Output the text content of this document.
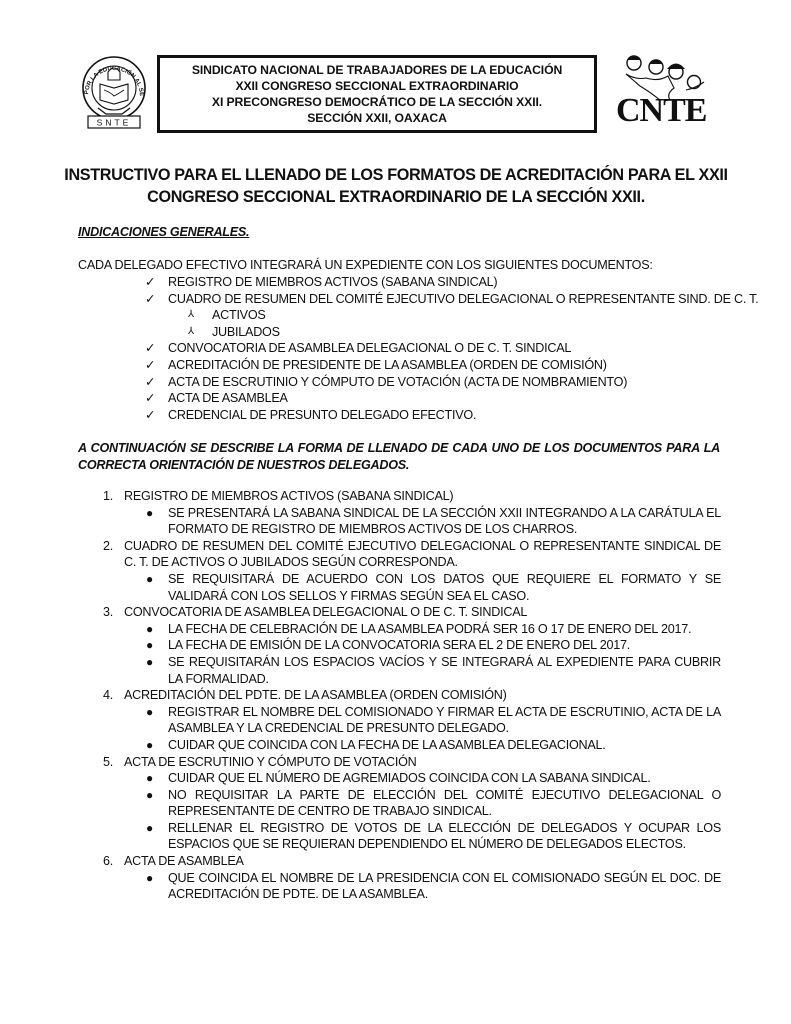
POR LA EDUCACIÓN AL SE
SNTE
SINDICATO NACIONAL DE TRABAJADORES DE LA EDUCACIÓN
XXII CONGRESO SECCIONAL EXTRAORDINARIO
XI PRECONGRESO DEMOCRÁTICO DE LA SECCIÓN XXII.
SECCIÓN XXII, OAXACA	CNTE
INSTRUCTIVO PARA EL LLENADO DE LOS FORMATOS DE ACREDITACIÓN PARA EL XXII
CONGRESO SECCIONAL EXTRAORDINARIO DE LA SECCIÓN XXII.
INDICACIONES GENERALES.
CADA DELEGADO EFECTIVO INTEGRARÁ UN EXPEDIENTE CON LOS SIGUIENTES DOCUMENTOS:
✓ REGISTRO DE MIEMBROS ACTIVOS (SABANA SINDICAL)
✓ CUADRO DE RESUMEN DEL COMITÉ EJECUTIVO DELEGACIONAL O REPRESENTANTE SIND. DE C. T.
⅄	ACTIVOS
⅄	JUBILADOS
✓ CONVOCATORIA DE ASAMBLEA DELEGACIONAL O DE C. T. SINDICAL
✓ ACREDITACIÓN DE PRESIDENTE DE LA ASAMBLEA (ORDEN DE COMISIÓN)
✓ ACTA DE ESCRUTINIO Y CÓMPUTO DE VOTACIÓN (ACTA DE NOMBRAMIENTO)
✓ ACTA DE ASAMBLEA
✓ CREDENCIAL DE PRESUNTO DELEGADO EFECTIVO.
A CONTINUACIÓN SE DESCRIBE LA FORMA DE LLENADO DE CADA UNO DE LOS DOCUMENTOS PARA LA CORRECTA ORIENTACIÓN DE NUESTROS DELEGADOS.
1. REGISTRO DE MIEMBROS ACTIVOS (SABANA SINDICAL)
● SE PRESENTARÁ LA SABANA SINDICAL DE LA SECCIÓN XXII INTEGRANDO A LA CARÁTULA EL FORMATO DE REGISTRO DE MIEMBROS ACTIVOS DE LOS CHARROS.
2. CUADRO DE RESUMEN DEL COMITÉ EJECUTIVO DELEGACIONAL O REPRESENTANTE SINDICAL DE C. T. DE ACTIVOS O JUBILADOS SEGÚN CORRESPONDA.
● SE REQUISITARÁ DE ACUERDO CON LOS DATOS QUE REQUIERE EL FORMATO Y SE VALIDARÁ CON LOS SELLOS Y FIRMAS SEGÚN SEA EL CASO.
3. CONVOCATORIA DE ASAMBLEA DELEGACIONAL O DE C. T. SINDICAL
● LA FECHA DE CELEBRACIÓN DE LA ASAMBLEA PODRÁ SER 16 O 17 DE ENERO DEL 2017.
● LA FECHA DE EMISIÓN DE LA CONVOCATORIA SERA EL 2 DE ENERO DEL 2017.
● SE REQUISITARÁN LOS ESPACIOS VACÍOS Y SE INTEGRARÁ AL EXPEDIENTE PARA CUBRIR LA FORMALIDAD.
4. ACREDITACIÓN DEL PDTE. DE LA ASAMBLEA (ORDEN COMISIÓN)
● REGISTRAR EL NOMBRE DEL COMISIONADO Y FIRMAR EL ACTA DE ESCRUTINIO, ACTA DE LA ASAMBLEA Y LA CREDENCIAL DE PRESUNTO DELEGADO.
● CUIDAR QUE COINCIDA CON LA FECHA DE LA ASAMBLEA DELEGACIONAL.
5. ACTA DE ESCRUTINIO Y CÓMPUTO DE VOTACIÓN
● CUIDAR QUE EL NÚMERO DE AGREMIADOS COINCIDA CON LA SABANA SINDICAL.
● NO REQUISITAR LA PARTE DE ELECCIÓN DEL COMITÉ EJECUTIVO DELEGACIONAL O REPRESENTANTE DE CENTRO DE TRABAJO SINDICAL.
● RELLENAR EL REGISTRO DE VOTOS DE LA ELECCIÓN DE DELEGADOS Y OCUPAR LOS ESPACIOS QUE SE REQUIERAN DEPENDIENDO EL NÚMERO DE DELEGADOS ELECTOS.
6. ACTA DE ASAMBLEA
● QUE COINCIDA EL NOMBRE DE LA PRESIDENCIA CON EL COMISIONADO SEGÚN EL DOC. DE ACREDITACIÓN DE PDTE. DE LA ASAMBLEA.
